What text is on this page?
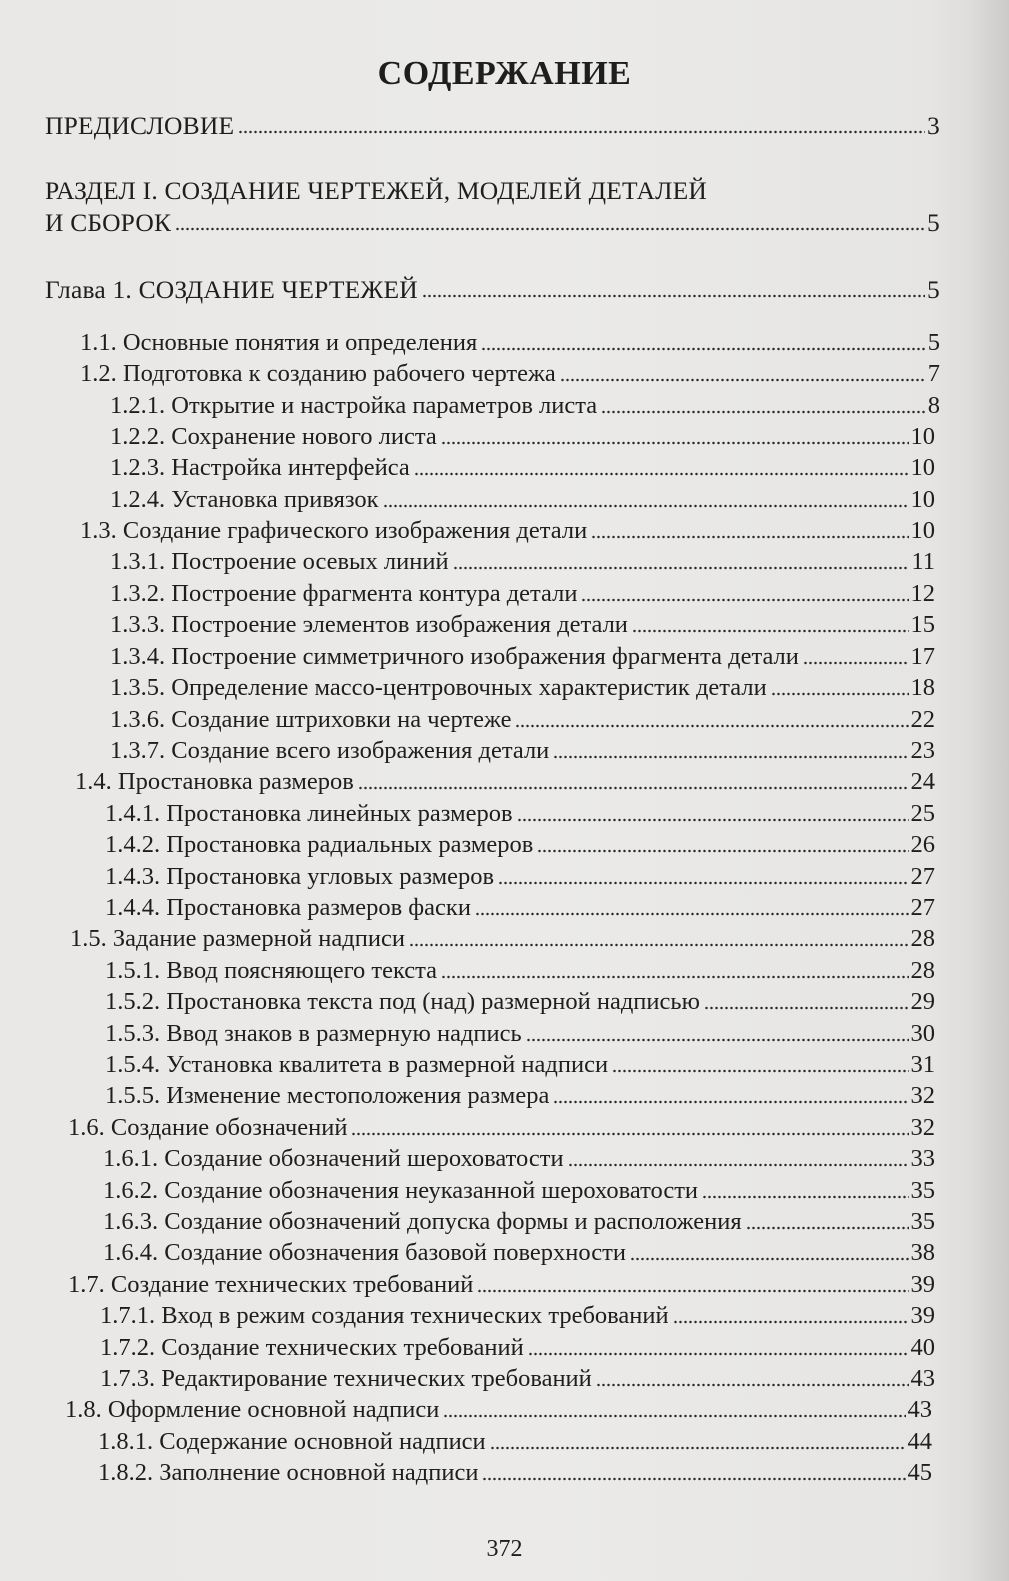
СОДЕРЖАНИЕ
ПРЕДИСЛОВИЕ	3
РАЗДЕЛ I. СОЗДАНИЕ ЧЕРТЕЖЕЙ, МОДЕЛЕЙ ДЕТАЛЕЙ
И СБОРОК	5
Глава 1. СОЗДАНИЕ ЧЕРТЕЖЕЙ	5
1.1. Основные понятия и определения	5
1.2. Подготовка к созданию рабочего чертежа	7
1.2.1. Открытие и настройка параметров листа	8
1.2.2. Сохранение нового листа	10
1.2.3. Настройка интерфейса	10
1.2.4. Установка привязок	10
1.3. Создание графического изображения детали	10
1.3.1. Построение осевых линий	11
1.3.2. Построение фрагмента контура детали	12
1.3.3. Построение элементов изображения детали	15
1.3.4. Построение симметричного изображения фрагмента детали	17
1.3.5. Определение массо-центровочных характеристик детали	18
1.3.6. Создание штриховки на чертеже	22
1.3.7. Создание всего изображения детали	23
1.4. Простановка размеров	24
1.4.1. Простановка линейных размеров	25
1.4.2. Простановка радиальных размеров	26
1.4.3. Простановка угловых размеров	27
1.4.4. Простановка размеров фаски	27
1.5. Задание размерной надписи	28
1.5.1. Ввод поясняющего текста	28
1.5.2. Простановка текста под (над) размерной надписью	29
1.5.3. Ввод знаков в размерную надпись	30
1.5.4. Установка квалитета в размерной надписи	31
1.5.5. Изменение местоположения размера	32
1.6. Создание обозначений	32
1.6.1. Создание обозначений шероховатости	33
1.6.2. Создание обозначения неуказанной шероховатости	35
1.6.3. Создание обозначений допуска формы и расположения	35
1.6.4. Создание обозначения базовой поверхности	38
1.7. Создание технических требований	39
1.7.1. Вход в режим создания технических требований	39
1.7.2. Создание технических требований	40
1.7.3. Редактирование технических требований	43
1.8. Оформление основной надписи	43
1.8.1. Содержание основной надписи	44
1.8.2. Заполнение основной надписи	45
372
